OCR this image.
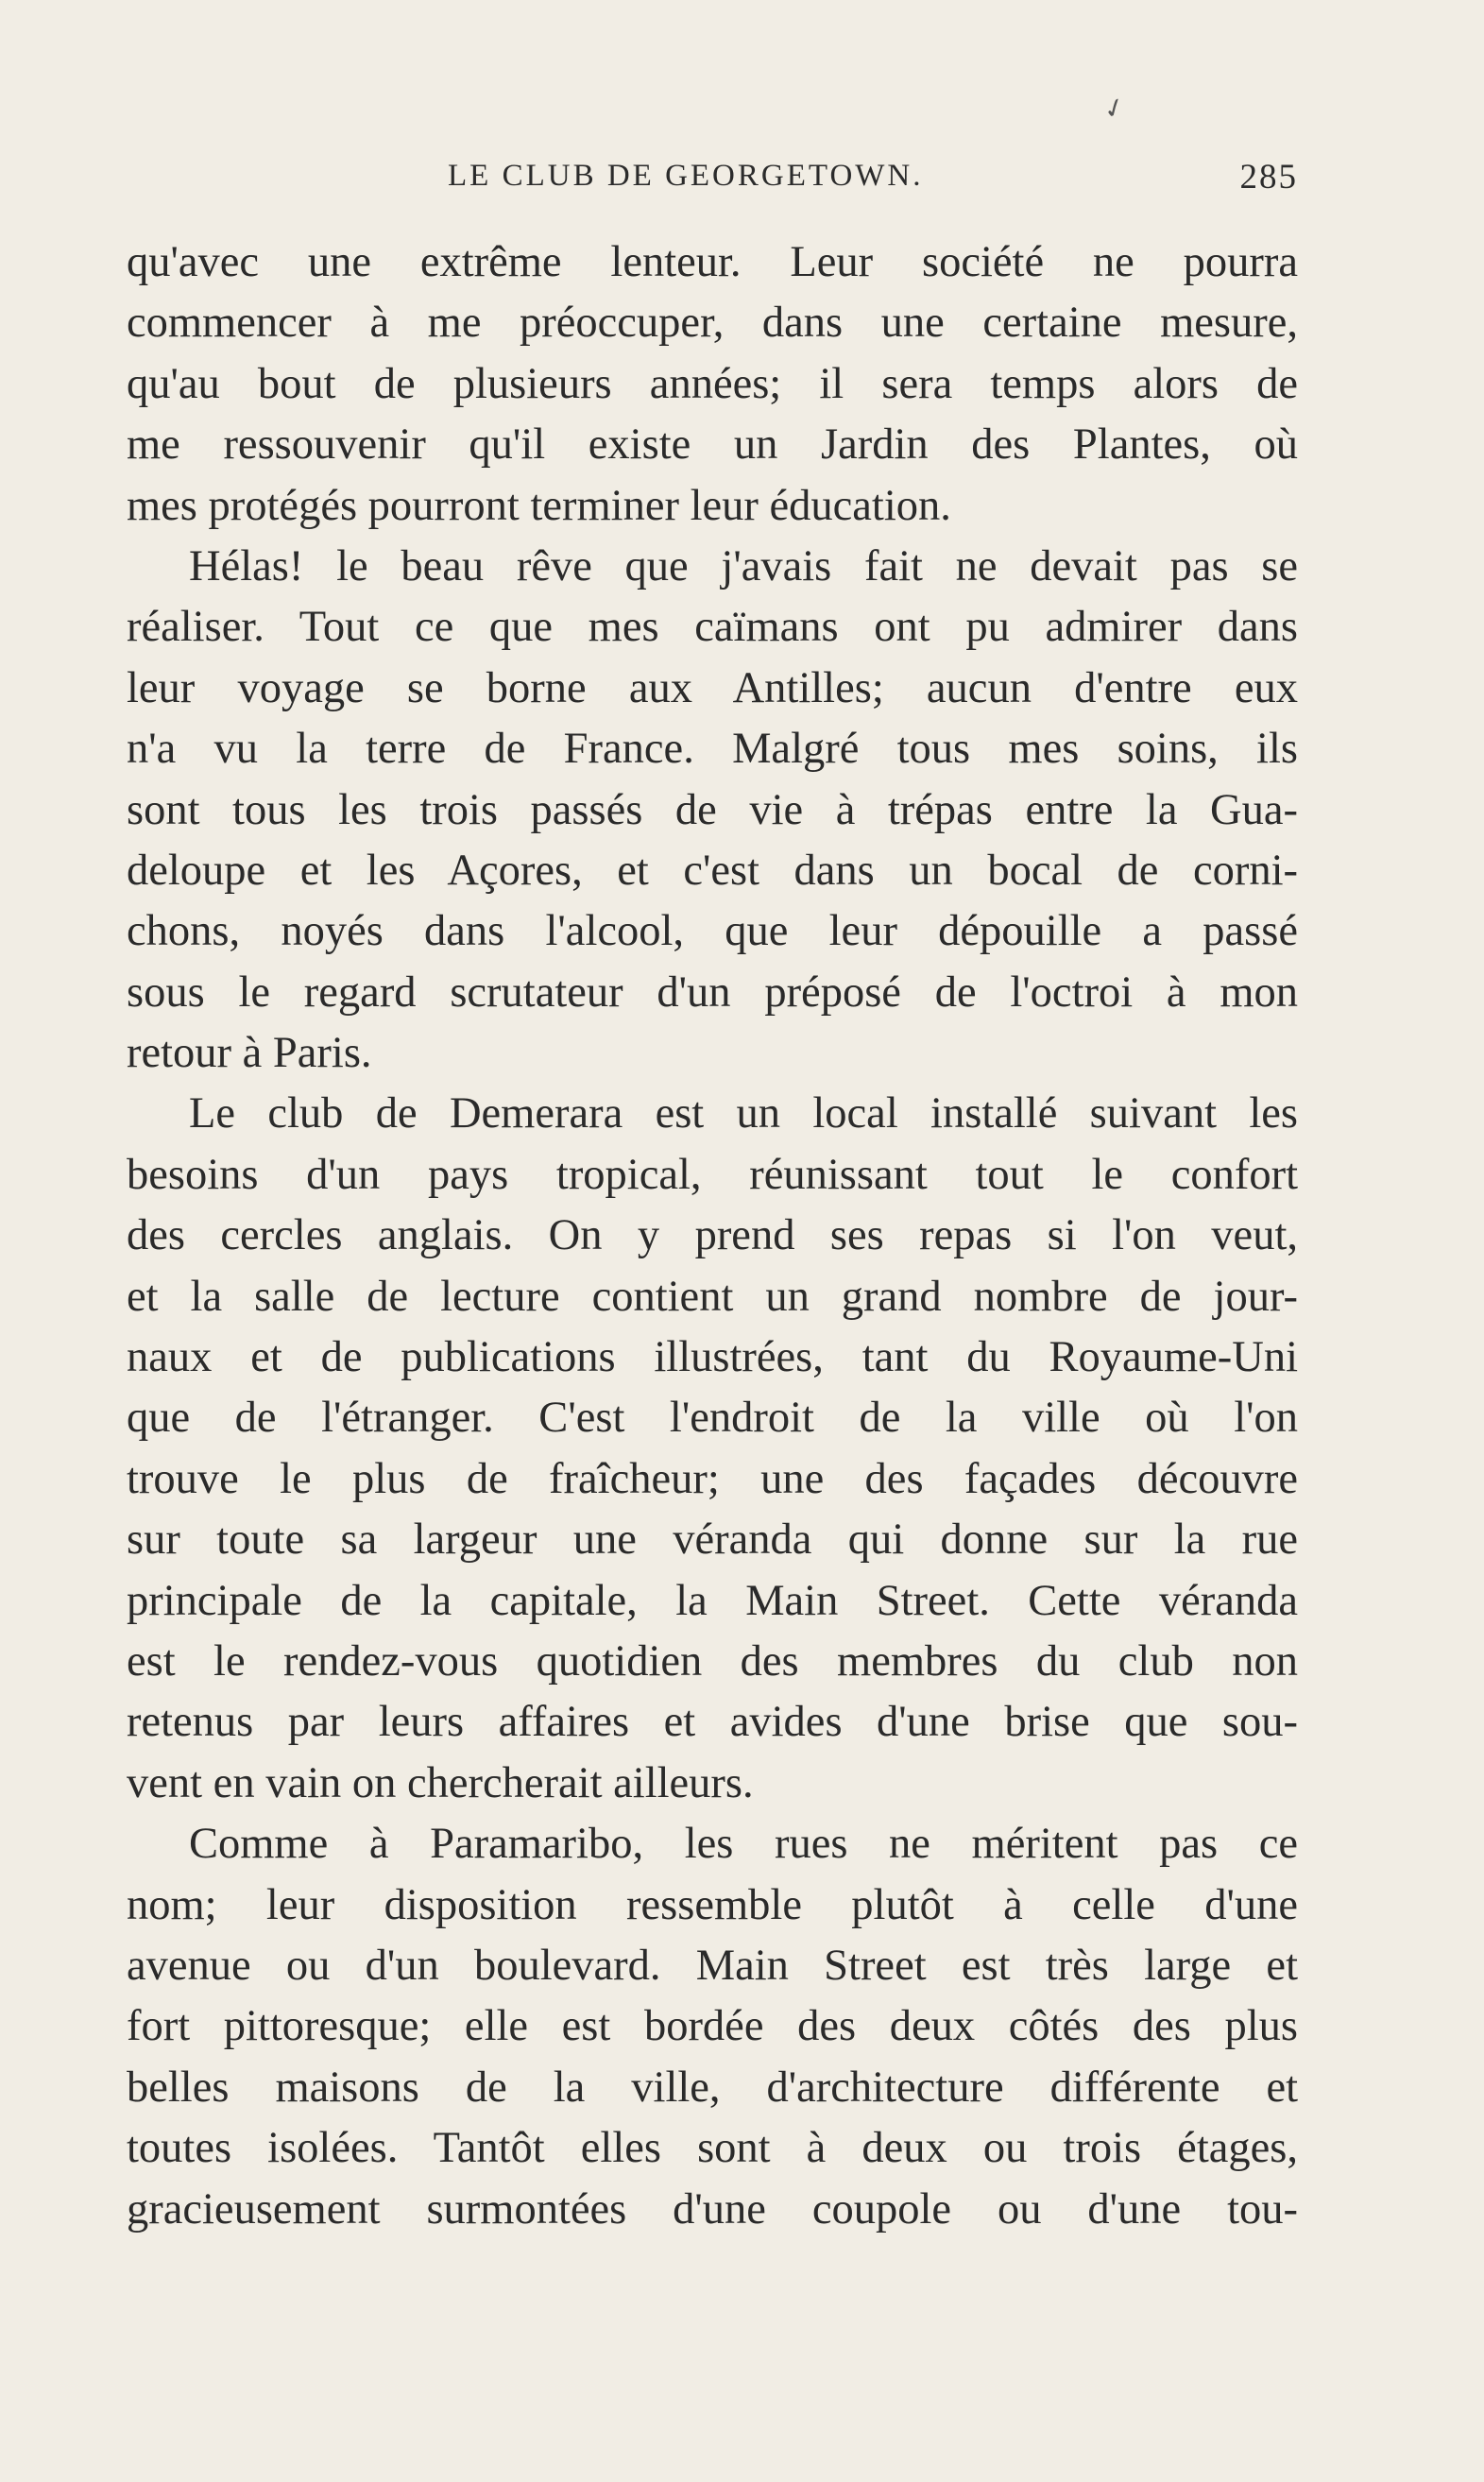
✓
LE CLUB DE GEORGETOWN.	285
qu'avec une extrême lenteur. Leur société ne pourra
commencer à me préoccuper, dans une certaine mesure,
qu'au bout de plusieurs années; il sera temps alors de
me ressouvenir qu'il existe un Jardin des Plantes, où
mes protégés pourront terminer leur éducation.
Hélas! le beau rêve que j'avais fait ne devait pas se
réaliser. Tout ce que mes caïmans ont pu admirer dans
leur voyage se borne aux Antilles; aucun d'entre eux
n'a vu la terre de France. Malgré tous mes soins, ils
sont tous les trois passés de vie à trépas entre la Gua-
deloupe et les Açores, et c'est dans un bocal de corni-
chons, noyés dans l'alcool, que leur dépouille a passé
sous le regard scrutateur d'un préposé de l'octroi à mon
retour à Paris.
Le club de Demerara est un local installé suivant les
besoins d'un pays tropical, réunissant tout le confort
des cercles anglais. On y prend ses repas si l'on veut,
et la salle de lecture contient un grand nombre de jour-
naux et de publications illustrées, tant du Royaume-Uni
que de l'étranger. C'est l'endroit de la ville où l'on
trouve le plus de fraîcheur; une des façades découvre
sur toute sa largeur une véranda qui donne sur la rue
principale de la capitale, la Main Street. Cette véranda
est le rendez-vous quotidien des membres du club non
retenus par leurs affaires et avides d'une brise que sou-
vent en vain on chercherait ailleurs.
Comme à Paramaribo, les rues ne méritent pas ce
nom; leur disposition ressemble plutôt à celle d'une
avenue ou d'un boulevard. Main Street est très large et
fort pittoresque; elle est bordée des deux côtés des plus
belles maisons de la ville, d'architecture différente et
toutes isolées. Tantôt elles sont à deux ou trois étages,
gracieusement surmontées d'une coupole ou d'une tou-
